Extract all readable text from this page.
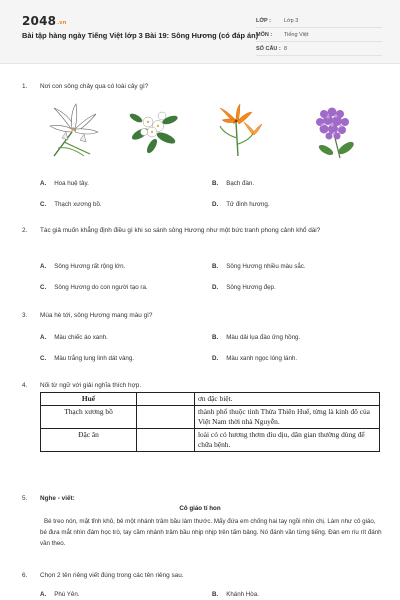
2048.vn
Bài tập hàng ngày Tiếng Việt lớp 3 Bài 19: Sông Hương (có đáp án)
LỚP : Lớp 3
MÔN : Tiếng Việt
SỐ CÂU : 8
1. Nơi con sông chảy qua có loài cây gì?
A. Hoa huệ tây.	B. Bạch đàn.
C. Thạch xương bồ.	D. Tử đinh hương.
2. Tác giả muốn khẳng định điều gì khi so sánh sông Hương như một bức tranh phong cảnh khổ dài?
A. Sông Hương rất rộng lớn.	B. Sông Hương nhiều màu sắc.
C. Sông Hương do con người tạo ra.	D. Sông Hương đẹp.
3. Mùa hè tới, sông Hương mang màu gì?
A. Màu chiếc áo xanh.	B. Màu dải lụa đào ửng hồng.
C. Màu trắng lung linh dát vàng.	D. Màu xanh ngọc lóng lánh.
4. Nối từ ngữ với giải nghĩa thích hợp.
Huế		ơn đặc biệt.
Thạch xương bồ		thành phố thuộc tỉnh Thừa Thiên Huế, từng là kinh đô của Việt Nam thời nhà Nguyễn.
Đặc ân		loài có có hương thơm dìu dịu, dân gian thường dùng để chữa bệnh.
5. Nghe - viết:
Cô giáo tí hon
Bé treo nón, mặt tỉnh khô, bẻ một nhánh trâm bầu làm thước. Mấy đứa em chống hai tay ngồi nhìn chị. Làm như cô giáo, bé đưa mắt nhìn đám học trò, tay cầm nhánh trâm bầu nhịp nhịp trên tấm bảng. Nó đánh vần từng tiếng. Đàn em ríu rít đánh vần theo.
6. Chọn 2 tên riêng viết đúng trong các tên riêng sau.
A. Phú Yên.	B. Khánh Hòa.
